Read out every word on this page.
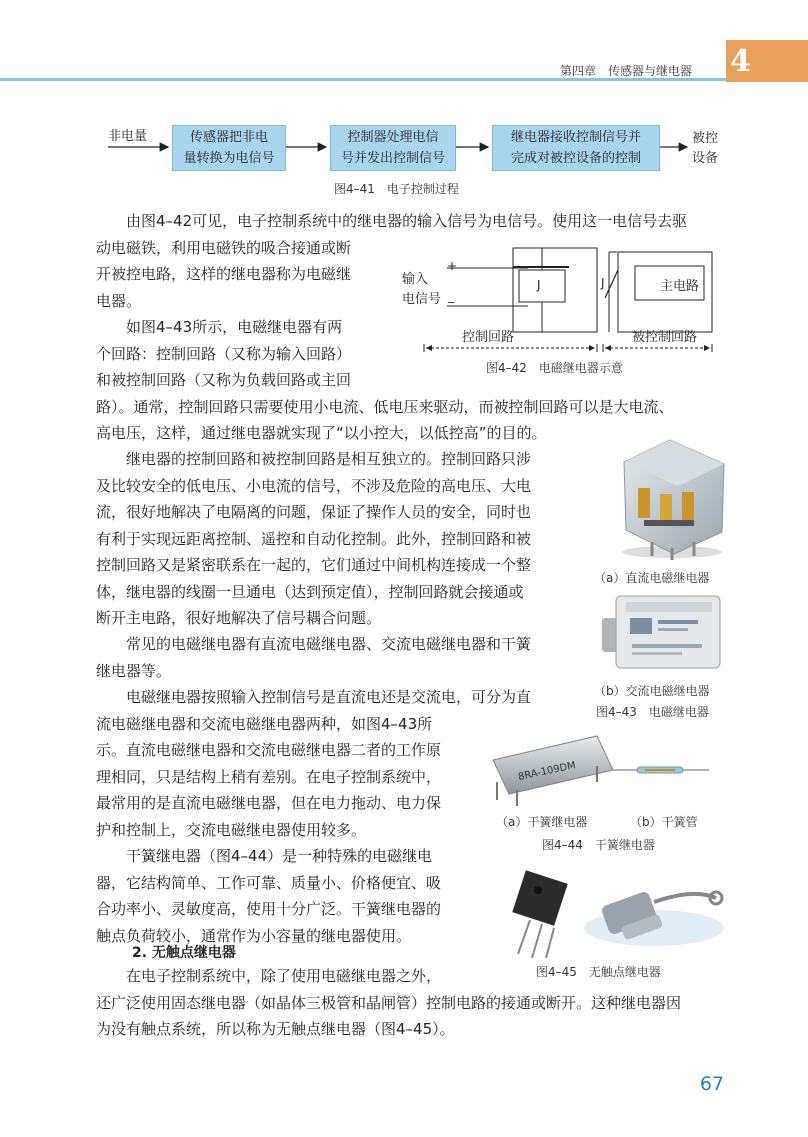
第四章　传感器与继电器 4
非电量	传感器把非电
量转换为电信号
控制器处理电信
号并发出控制信号
继电器接收控制信号并
完成对被控设备的控制
被控
设备
图4–41　电子控制过程
输入
电信号
+
_
J	J	主电路
控制回路	被控制回路
图4–42　电磁继电器示意
（a）直流电磁继电器
（b）交流电磁继电器
图4–43　电磁继电器
8RA-109DM
（a）干簧继电器	（b）干簧管
图4–44　干簧继电器
图4–45　无触点继电器
由图4–42可见，电子控制系统中的继电器的输入信号为电信号。使用这一电信号去驱
动电磁铁，利用电磁铁的吸合接通或断
开被控电路，这样的继电器称为电磁继
电器。
如图4–43所示，电磁继电器有两
个回路：控制回路（又称为输入回路）
和被控制回路（又称为负载回路或主回
路）。通常，控制回路只需要使用小电流、低电压来驱动，而被控制回路可以是大电流、
高电压，这样，通过继电器就实现了“以小控大，以低控高”的目的。
继电器的控制回路和被控制回路是相互独立的。控制回路只涉
及比较安全的低电压、小电流的信号，不涉及危险的高电压、大电
流，很好地解决了电隔离的问题，保证了操作人员的安全，同时也
有利于实现远距离控制、遥控和自动化控制。此外，控制回路和被
控制回路又是紧密联系在一起的，它们通过中间机构连接成一个整
体，继电器的线圈一旦通电（达到预定值），控制回路就会接通或
断开主电路，很好地解决了信号耦合问题。
常见的电磁继电器有直流电磁继电器、交流电磁继电器和干簧
继电器等。
电磁继电器按照输入控制信号是直流电还是交流电，可分为直
流电磁继电器和交流电磁继电器两种，如图4–43所
示。直流电磁继电器和交流电磁继电器二者的工作原
理相同，只是结构上稍有差别。在电子控制系统中，
最常用的是直流电磁继电器，但在电力拖动、电力保
护和控制上，交流电磁继电器使用较多。
干簧继电器（图4–44）是一种特殊的电磁继电
器，它结构简单、工作可靠、质量小、价格便宜、吸
合功率小、灵敏度高，使用十分广泛。干簧继电器的
触点负荷较小，通常作为小容量的继电器使用。
2. 无触点继电器
在电子控制系统中，除了使用电磁继电器之外，
还广泛使用固态继电器（如晶体三极管和晶闸管）控制电路的接通或断开。这种继电器因
为没有触点系统，所以称为无触点继电器（图4–45）。
67
